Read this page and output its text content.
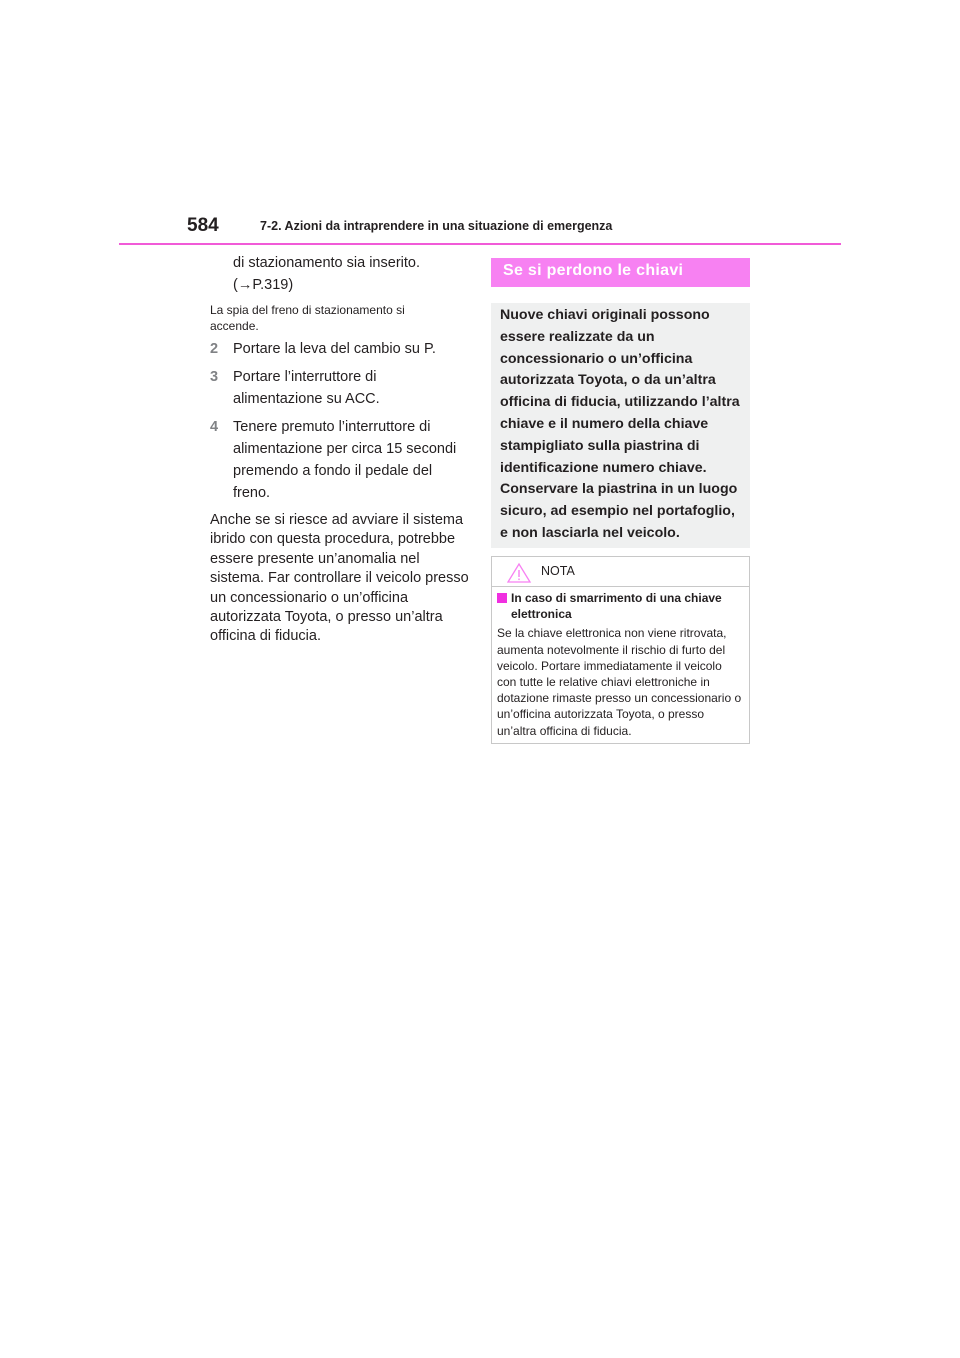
584	7-2. Azioni da intraprendere in una situazione di emergenza
di stazionamento sia inserito.
(→P.319)
La spia del freno di stazionamento si accende.
2 Portare la leva del cambio su P.
3 Portare l’interruttore di alimentazione su ACC.
4 Tenere premuto l’interruttore di alimentazione per circa 15 secondi premendo a fondo il pedale del freno.
Anche se si riesce ad avviare il sistema ibrido con questa procedura, potrebbe essere presente un’anomalia nel sistema. Far controllare il veicolo presso un concessionario o un’officina autorizzata Toyota, o presso un’altra officina di fiducia.
Se si perdono le chiavi
Nuove chiavi originali possono essere realizzate da un concessionario o un’officina autorizzata Toyota, o da un’altra officina di fiducia, utilizzando l’altra chiave e il numero della chiave stampigliato sulla piastrina di identificazione numero chiave. Conservare la piastrina in un luogo sicuro, ad esempio nel portafoglio, e non lasciarla nel veicolo.
NOTA
In caso di smarrimento di una chiave elettronica
Se la chiave elettronica non viene ritrovata, aumenta notevolmente il rischio di furto del veicolo. Portare immediatamente il veicolo con tutte le relative chiavi elettroniche in dotazione rimaste presso un concessionario o un’officina autorizzata Toyota, o presso un’altra officina di fiducia.
